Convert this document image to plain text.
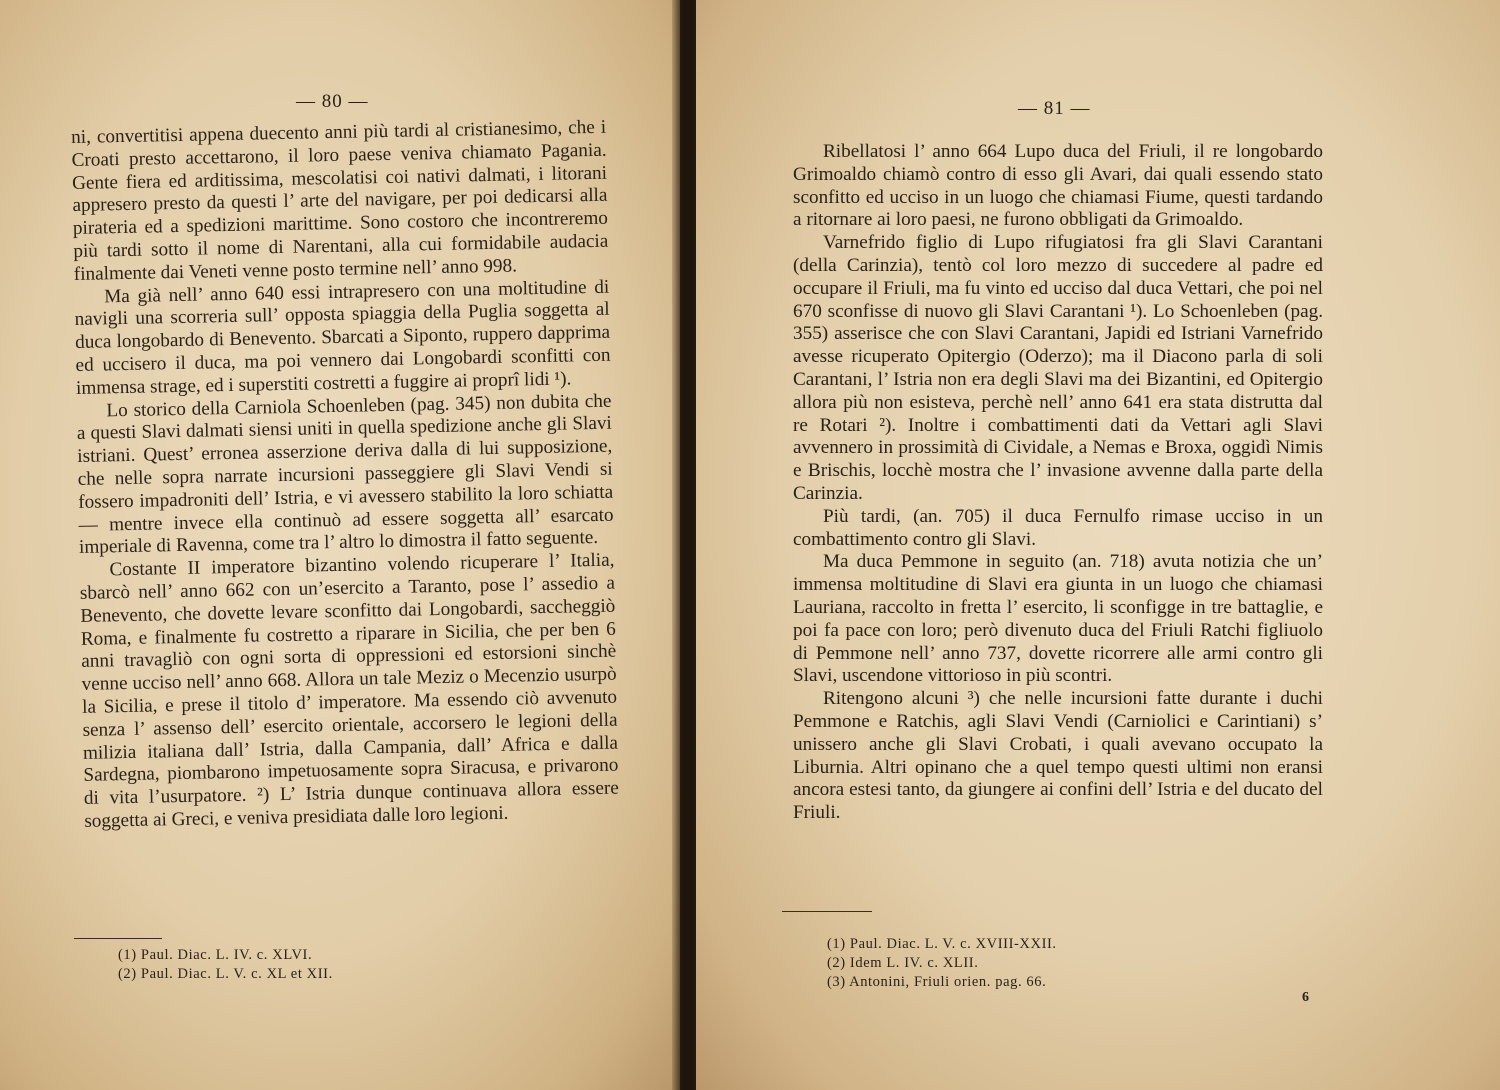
— 80 —

ni, convertitisi appena duecento anni più tardi al cristianesimo, che i Croati presto accettarono, il loro paese veniva chiamato Pagania. Gente fiera ed arditissima, mescolatisi coi nativi dalmati, i litorani appresero presto da questi l’ arte del navigare, per poi dedicarsi alla pirateria ed a spedizioni marittime. Sono costoro che incontreremo più tardi sotto il nome di Narentani, alla cui formidabile audacia finalmente dai Veneti venne posto termine nell’ anno 998.

Ma già nell’ anno 640 essi intrapresero con una moltitudine di navigli una scorreria sull’ opposta spiaggia della Puglia soggetta al duca longobardo di Benevento. Sbarcati a Siponto, ruppero dapprima ed uccisero il duca, ma poi vennero dai Longobardi sconfitti con immensa strage, ed i superstiti costretti a fuggire ai proprî lidi ¹).

Lo storico della Carniola Schoenleben (pag. 345) non dubita che a questi Slavi dalmati siensi uniti in quella spedizione anche gli Slavi istriani. Quest’ erronea asserzione deriva dalla di lui supposizione, che nelle sopra narrate incursioni passeggiere gli Slavi Vendi si fossero impadroniti dell’ Istria, e vi avessero stabilito la loro schiatta — mentre invece ella continuò ad essere soggetta all’ esarcato imperiale di Ravenna, come tra l’ altro lo dimostra il fatto seguente.

Costante II imperatore bizantino volendo ricuperare l’ Italia, sbarcò nell’ anno 662 con un’esercito a Taranto, pose l’ assedio a Benevento, che dovette levare sconfitto dai Longobardi, saccheggiò Roma, e finalmente fu costretto a riparare in Sicilia, che per ben 6 anni travagliò con ogni sorta di oppressioni ed estorsioni sinchè venne ucciso nell’ anno 668. Allora un tale Meziz o Mecenzio usurpò la Sicilia, e prese il titolo d’ imperatore. Ma essendo ciò avvenuto senza l’ assenso dell’ esercito orientale, accorsero le legioni della milizia italiana dall’ Istria, dalla Campania, dall’ Africa e dalla Sardegna, piombarono impetuosamente sopra Siracusa, e privarono di vita l’usurpatore. ²) L’ Istria dunque continuava allora essere soggetta ai Greci, e veniva presidiata dalle loro legioni.

(1) Paul. Diac. L. IV. c. XLVI.
(2) Paul. Diac. L. V. c. XL et XII.
— 81 —

Ribellatosi l’ anno 664 Lupo duca del Friuli, il re longobardo Grimoaldo chiamò contro di esso gli Avari, dai quali essendo stato sconfitto ed ucciso in un luogo che chiamasi Fiume, questi tardando a ritornare ai loro paesi, ne furono obbligati da Grimoaldo.

Varnefrido figlio di Lupo rifugiatosi fra gli Slavi Carantani (della Carinzia), tentò col loro mezzo di succedere al padre ed occupare il Friuli, ma fu vinto ed ucciso dal duca Vettari, che poi nel 670 sconfisse di nuovo gli Slavi Carantani ¹). Lo Schoenleben (pag. 355) asserisce che con Slavi Carantani, Japidi ed Istriani Varnefrido avesse ricuperato Opitergio (Oderzo); ma il Diacono parla di soli Carantani, l’ Istria non era degli Slavi ma dei Bizantini, ed Opitergio allora più non esisteva, perchè nell’ anno 641 era stata distrutta dal re Rotari ²). Inoltre i combattimenti dati da Vettari agli Slavi avvennero in prossimità di Cividale, a Nemas e Broxa, oggidì Nimis e Brischis, locchè mostra che l’ invasione avvenne dalla parte della Carinzia.

Più tardi, (an. 705) il duca Fernulfo rimase ucciso in un combattimento contro gli Slavi.

Ma duca Pemmone in seguito (an. 718) avuta notizia che un’ immensa moltitudine di Slavi era giunta in un luogo che chiamasi Lauriana, raccolto in fretta l’ esercito, li sconfigge in tre battaglie, e poi fa pace con loro; però divenuto duca del Friuli Ratchi figliuolo di Pemmone nell’ anno 737, dovette ricorrere alle armi contro gli Slavi, uscendone vittorioso in più scontri.

Ritengono alcuni ³) che nelle incursioni fatte durante i duchi Pemmone e Ratchis, agli Slavi Vendi (Carniolici e Carintiani) s’ unissero anche gli Slavi Crobati, i quali avevano occupato la Liburnia. Altri opinano che a quel tempo questi ultimi non eransi ancora estesi tanto, da giungere ai confini dell’ Istria e del ducato del Friuli.

(1) Paul. Diac. L. V. c. XVIII-XXII.
(2) Idem L. IV. c. XLII.
(3) Antonini, Friuli orien. pag. 66.
6
